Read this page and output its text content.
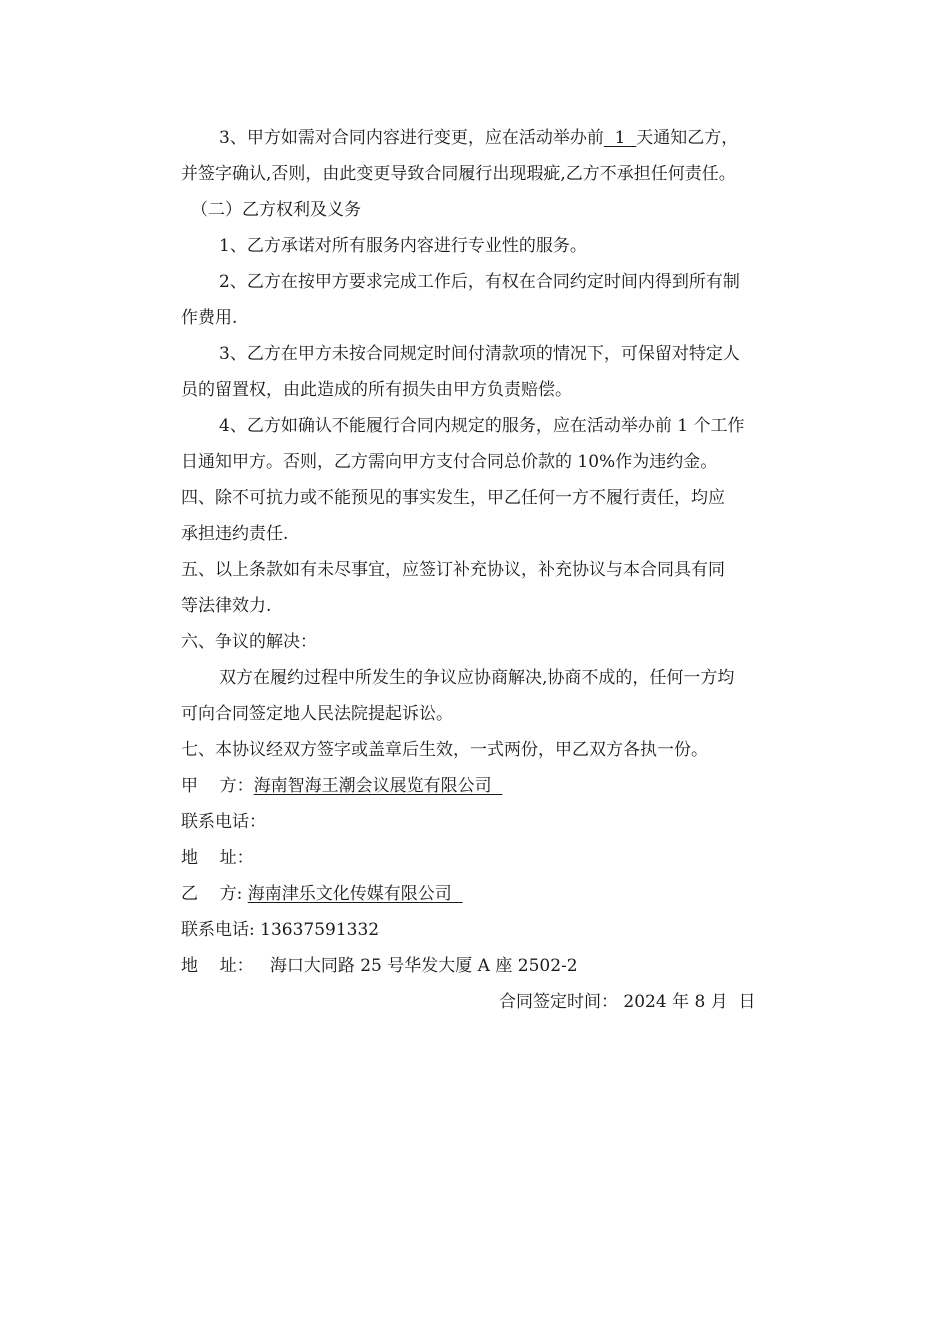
3、甲方如需对合同内容进行变更，应在活动举办前  1  天通知乙方，
并签字确认,否则，由此变更导致合同履行出现瑕疵,乙方不承担任何责任。
（二）乙方权利及义务
1、乙方承诺对所有服务内容进行专业性的服务。
2、乙方在按甲方要求完成工作后，有权在合同约定时间内得到所有制
作费用.
3、乙方在甲方未按合同规定时间付清款项的情况下，可保留对特定人
员的留置权，由此造成的所有损失由甲方负责赔偿。
4、乙方如确认不能履行合同内规定的服务，应在活动举办前 1 个工作
日通知甲方。否则，乙方需向甲方支付合同总价款的 10%作为违约金。
四、除不可抗力或不能预见的事实发生，甲乙任何一方不履行责任，均应
承担违约责任.
五、以上条款如有未尽事宜，应签订补充协议，补充协议与本合同具有同
等法律效力.
六、争议的解决：
双方在履约过程中所发生的争议应协商解决,协商不成的，任何一方均
可向合同签定地人民法院提起诉讼。
七、本协议经双方签字或盖章后生效，一式两份，甲乙双方各执一份。
甲    方：海南智海王潮会议展览有限公司
联系电话：
地    址：
乙    方: 海南津乐文化传媒有限公司
联系电话: 13637591332
地    址：   海口大同路 25 号华发大厦 A 座 2502-2
合同签定时间： 2024 年 8 月  日
